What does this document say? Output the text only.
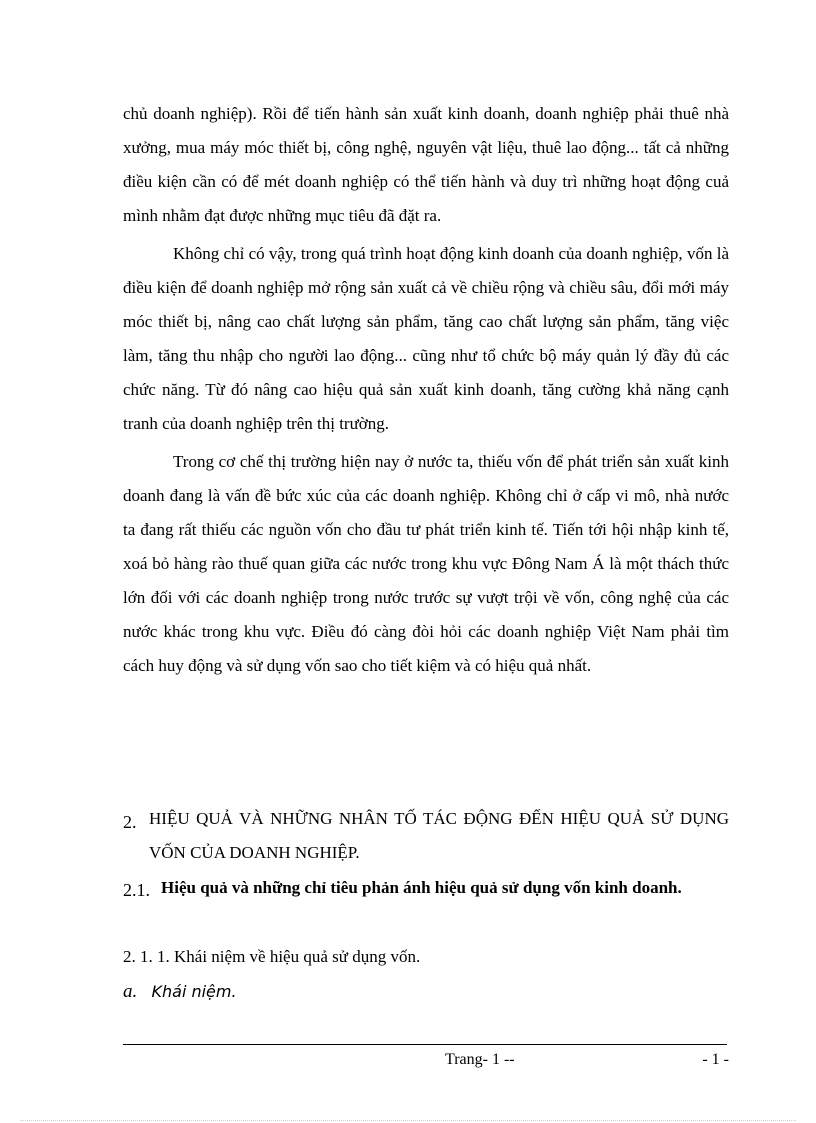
chủ doanh nghiệp). Rồi để tiến hành sản xuất kinh doanh, doanh nghiệp phải thuê nhà xưởng, mua máy móc thiết bị, công nghệ, nguyên vật liệu, thuê lao động... tất cả những điều kiện cần có để mét doanh nghiệp có thể tiến hành và duy trì những hoạt động cuả mình nhằm đạt được những mục tiêu đã đặt ra.

Không chỉ có vậy, trong quá trình hoạt động kinh doanh của doanh nghiệp, vốn là điều kiện để doanh nghiệp mở rộng sản xuất cả về chiều rộng và chiều sâu, đổi mới máy móc thiết bị, nâng cao chất lượng sản phẩm, tăng cao chất lượng sản phẩm, tăng việc làm, tăng thu nhập cho người lao động... cũng như tổ chức bộ máy quản lý đầy đủ các chức năng. Từ đó nâng cao hiệu quả sản xuất kinh doanh, tăng cường khả năng cạnh tranh của doanh nghiệp trên thị trường.

Trong cơ chế thị trường hiện nay ở nước ta, thiếu vốn để phát triển sản xuất kinh doanh đang là vấn đề bức xúc của các doanh nghiệp. Không chỉ ở cấp vi mô, nhà nước ta đang rất thiếu các nguồn vốn cho đầu tư phát triển kinh tế. Tiến tới hội nhập kinh tế, xoá bỏ hàng rào thuế quan giữa các nước trong khu vực Đông Nam Á là một thách thức lớn đối với các doanh nghiệp trong nước trước sự vượt trội về vốn, công nghệ của các nước khác trong khu vực. Điều đó càng đòi hỏi các doanh nghiệp Việt Nam phải tìm cách huy động và sử dụng vốn sao cho tiết kiệm và có hiệu quả nhất.

2. HIỆU QUẢ VÀ NHỮNG NHÂN TỐ TÁC ĐỘNG ĐẾN HIỆU QUẢ SỬ DỤNG VỐN CỦA DOANH NGHIỆP.
2.1. Hiệu quả và những chỉ tiêu phản ánh hiệu quả sử dụng vốn kinh doanh.
2. 1. 1. Khái niệm về hiệu quả sử dụng vốn.
a. Khái niệm.
Trang- 1 --	- 1 -
